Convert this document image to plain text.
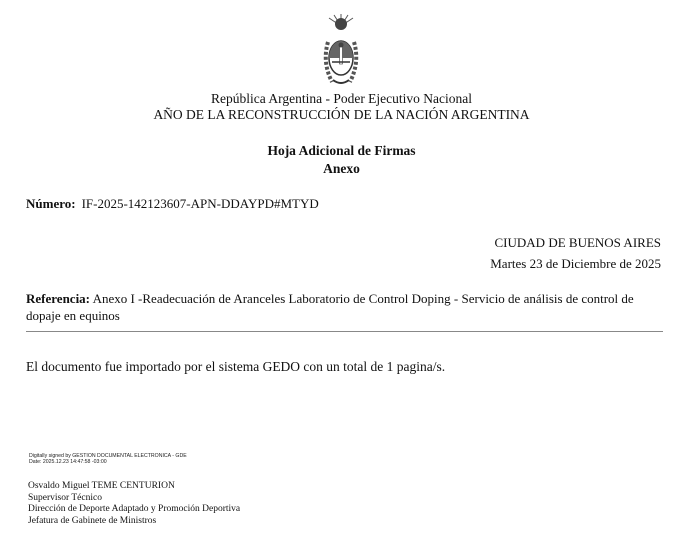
República Argentina - Poder Ejecutivo Nacional
AÑO DE LA RECONSTRUCCIÓN DE LA NACIÓN ARGENTINA
Hoja Adicional de Firmas
Anexo
Número: IF-2025-142123607-APN-DDAYPD#MTYD
CIUDAD DE BUENOS AIRES
Martes 23 de Diciembre de 2025
Referencia: Anexo I -Readecuación de Aranceles Laboratorio de Control Doping - Servicio de análisis de control de dopaje en equinos
El documento fue importado por el sistema GEDO con un total de 1 pagina/s.
Digitally signed by GESTION DOCUMENTAL ELECTRONICA - GDE
Date: 2025.12.23 14:47:58 -03:00
Osvaldo Miguel TEME CENTURION
Supervisor Técnico
Dirección de Deporte Adaptado y Promoción Deportiva
Jefatura de Gabinete de Ministros
